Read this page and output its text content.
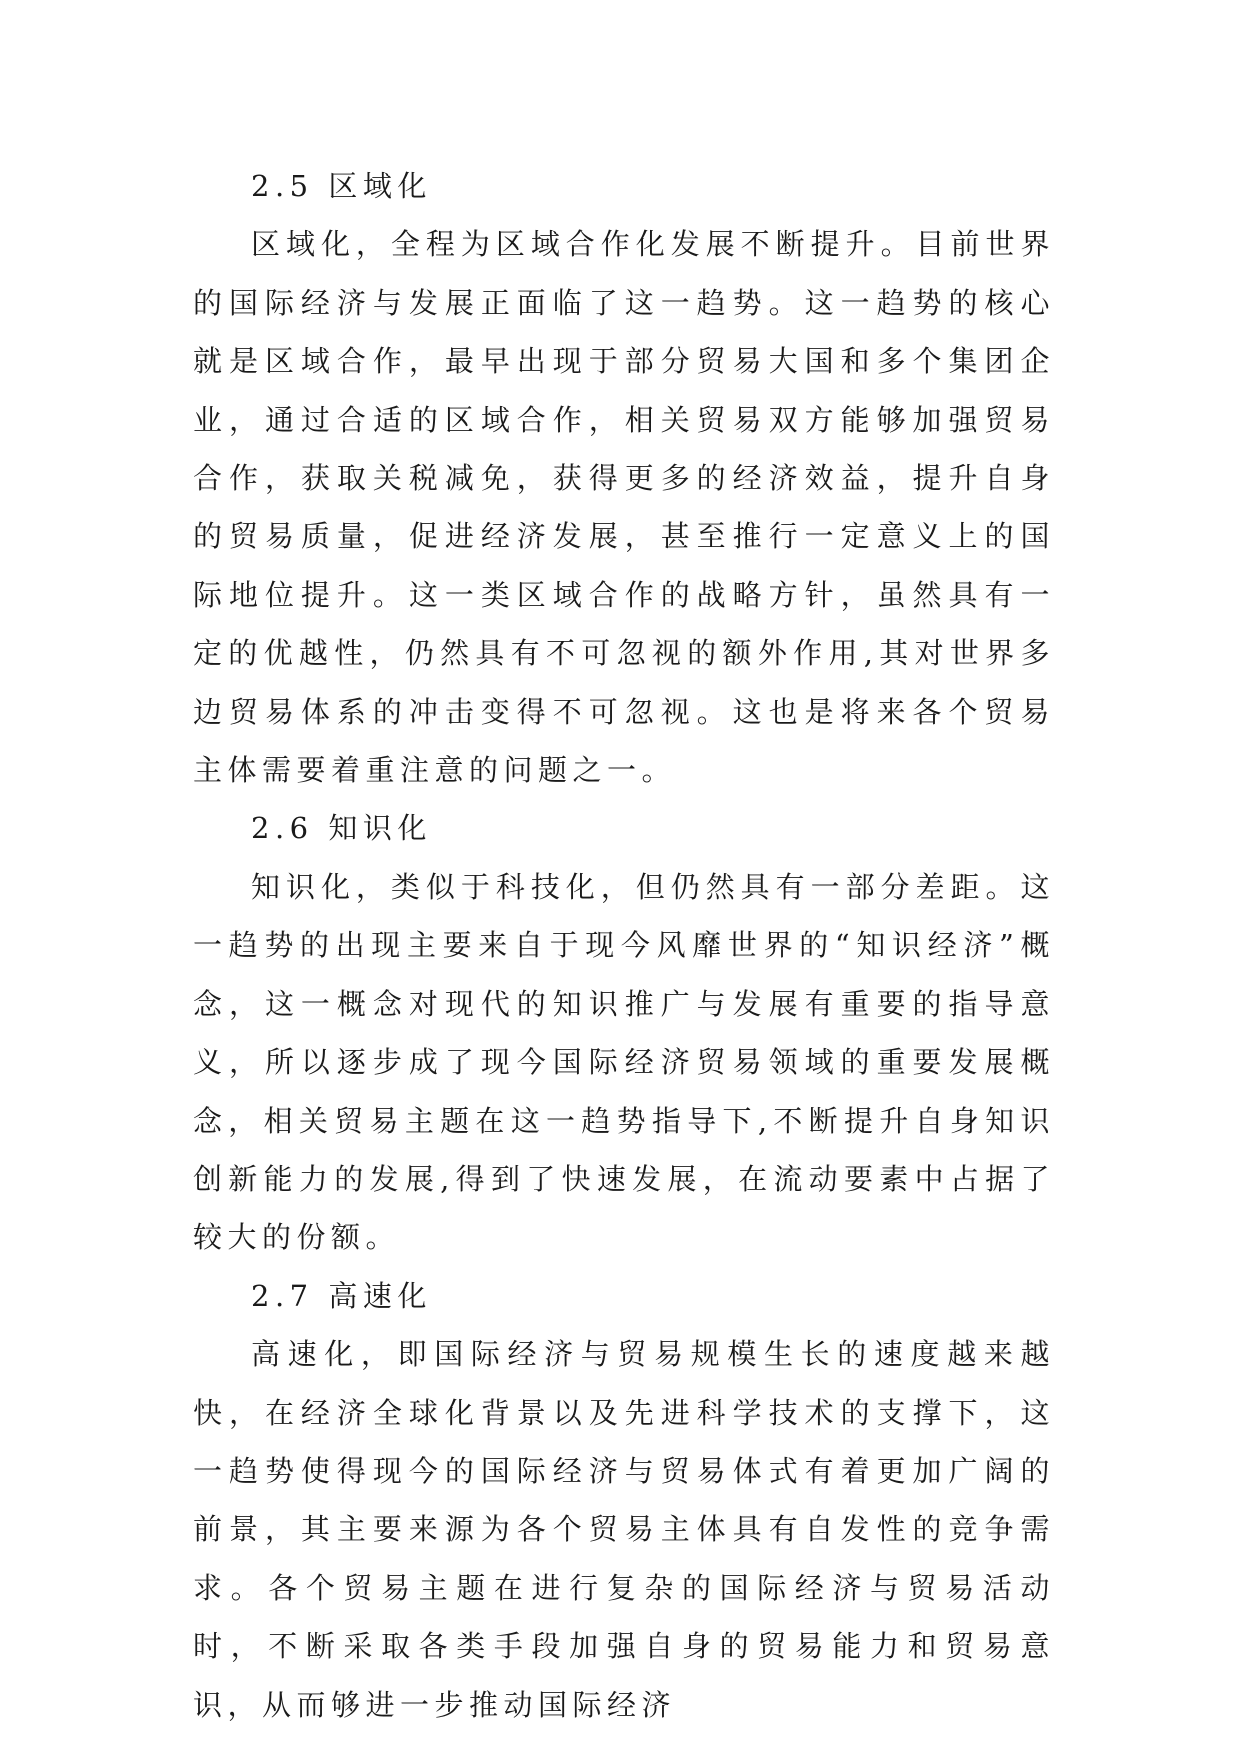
2.5 区域化

区域化，全程为区域合作化发展不断提升。目前世界的国际经济与发展正面临了这一趋势。这一趋势的核心就是区域合作，最早出现于部分贸易大国和多个集团企业，通过合适的区域合作，相关贸易双方能够加强贸易合作，获取关税减免，获得更多的经济效益，提升自身的贸易质量，促进经济发展，甚至推行一定意义上的国际地位提升。这一类区域合作的战略方针，虽然具有一定的优越性，仍然具有不可忽视的额外作用,其对世界多边贸易体系的冲击变得不可忽视。这也是将来各个贸易主体需要着重注意的问题之一。

2.6 知识化

知识化，类似于科技化，但仍然具有一部分差距。这一趋势的出现主要来自于现今风靡世界的“知识经济”概念，这一概念对现代的知识推广与发展有重要的指导意义，所以逐步成了现今国际经济贸易领域的重要发展概念，相关贸易主题在这一趋势指导下,不断提升自身知识创新能力的发展,得到了快速发展，在流动要素中占据了较大的份额。

2.7 高速化

高速化，即国际经济与贸易规模生长的速度越来越快，在经济全球化背景以及先进科学技术的支撑下，这一趋势使得现今的国际经济与贸易体式有着更加广阔的前景，其主要来源为各个贸易主体具有自发性的竞争需求。各个贸易主题在进行复杂的国际经济与贸易活动时，不断采取各类手段加强自身的贸易能力和贸易意识，从而够进一步推动国际经济
